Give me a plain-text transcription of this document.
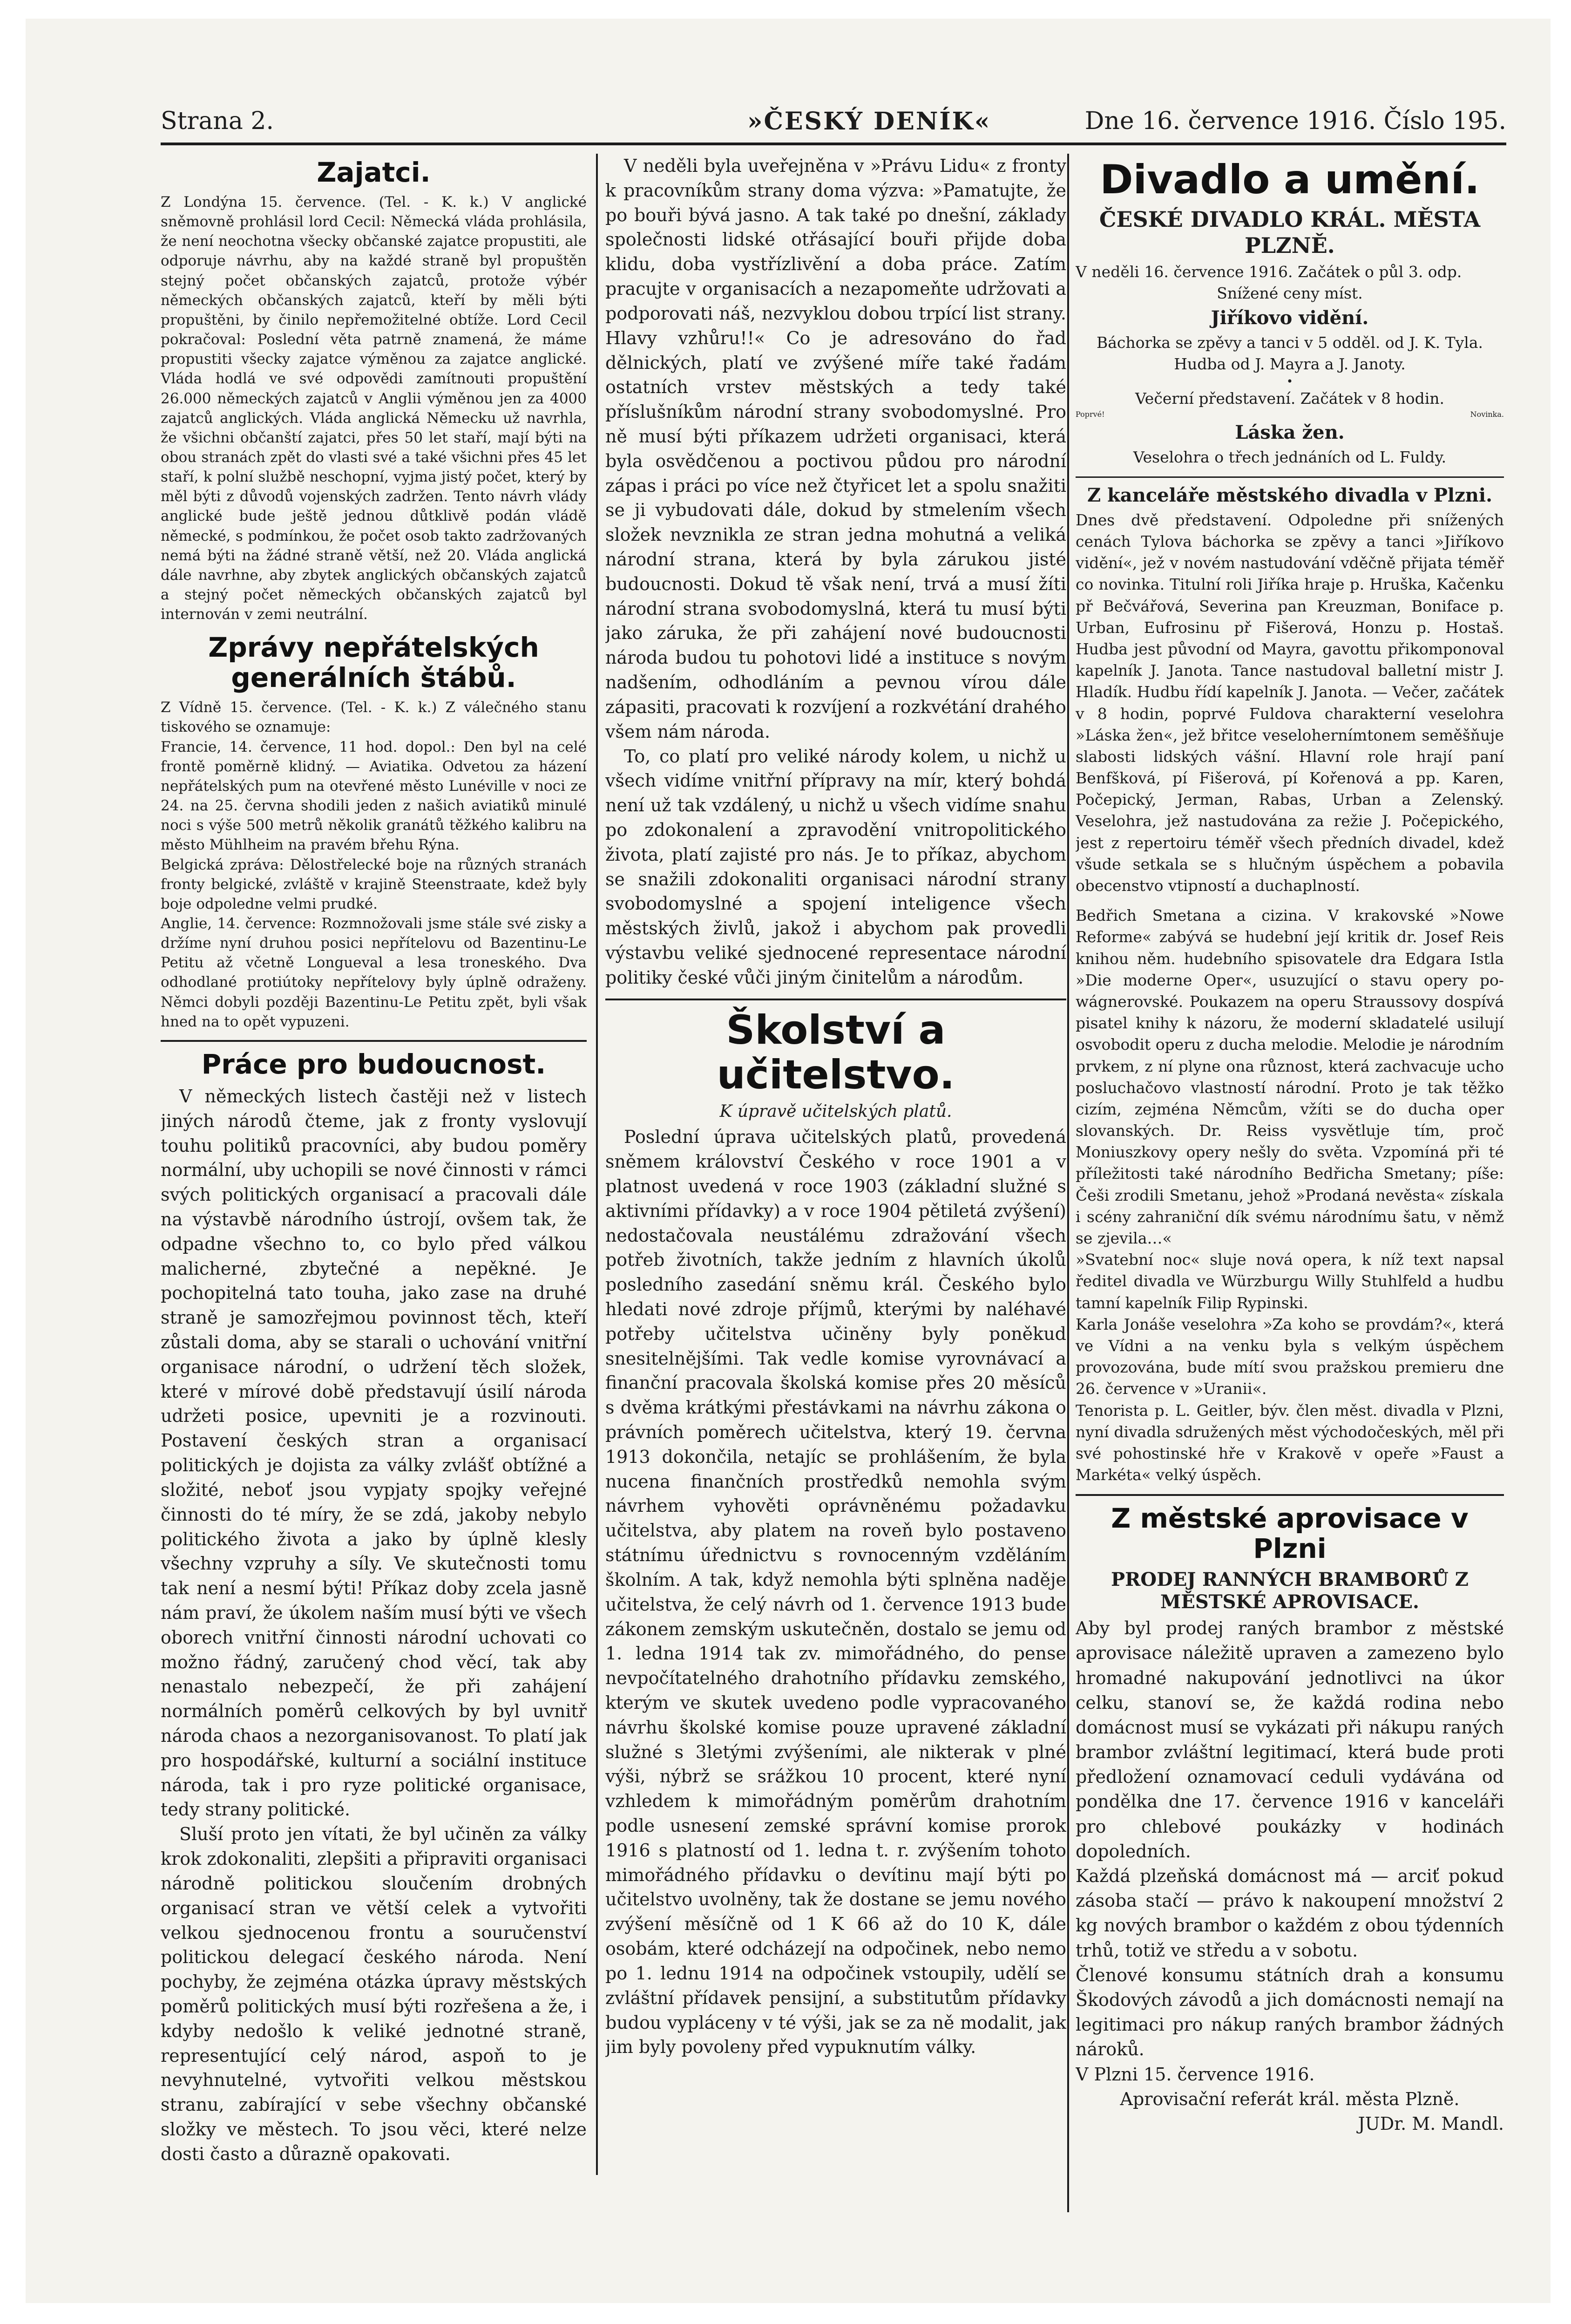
Strana 2.	»ČESKÝ DENÍK«	Dne 16. července 1916. Číslo 195.
Zajatci.

Z Londýna 15. července. (Tel. - K. k.) V anglické sněmovně prohlásil lord Cecil: Německá vláda prohlásila, že není neochotna všecky občanské zajatce propustiti, ale odporuje návrhu, aby na každé straně byl propuštěn stejný počet občanských zajatců, protože výbér německých občanských zajatců, kteří by měli býti propuštěni, by činilo nepřemožitelné obtíže. Lord Cecil pokračoval: Poslední věta patrně znamená, že máme propustiti všecky zajatce výměnou za zajatce anglické. Vláda hodlá ve své odpovědi zamítnouti propuštění 26.000 německých zajatců v Anglii výměnou jen za 4000 zajatců anglických. Vláda anglická Německu už navrhla, že všichni občanští zajatci, přes 50 let staří, mají býti na obou stranách zpět do vlasti své a také všichni přes 45 let staří, k polní službě neschopní, vyjma jistý počet, který by měl býti z důvodů vojenských zadržen. Tento návrh vlády anglické bude ještě jednou důtklivě podán vládě německé, s podmínkou, že počet osob takto zadržovaných nemá býti na žádné straně větší, než 20. Vláda anglická dále navrhne, aby zbytek anglických občanských zajatců a stejný počet německých občanských zajatců byl internován v zemi neutrální.

Zprávy nepřátelských generálních štábů.

Z Vídně 15. července. (Tel. - K. k.) Z válečného stanu tiskového se oznamuje:

Francie, 14. července, 11 hod. dopol.: Den byl na celé frontě poměrně klidný. — Aviatika. Odvetou za házení nepřátelských pum na otevřené město Lunéville v noci ze 24. na 25. června shodili jeden z našich aviatiků minulé noci s výše 500 metrů několik granátů těžkého kalibru na město Mühlheim na pravém břehu Rýna.

Belgická zpráva: Dělostřelecké boje na různých stranách fronty belgické, zvláště v krajině Steenstraate, kdež byly boje odpoledne velmi prudké.

Anglie, 14. července: Rozmnožovali jsme stále své zisky a držíme nyní druhou posici nepřítelovu od Bazentinu-Le Petitu až včetně Longueval a lesa troneského. Dva odhodlané protiútoky nepřítelovy byly úplně odraženy. Němci dobyli později Bazentinu-Le Petitu zpět, byli však hned na to opět vypuzeni.

Práce pro budoucnost.

V německých listech častěji než v listech jiných národů čteme, jak z fronty vyslovují touhu politiků pracovníci, aby budou poměry normální, uby uchopili se nové činnosti v rámci svých politických organisací a pracovali dále na výstavbě národního ústrojí, ovšem tak, že odpadne všechno to, co bylo před válkou malicherné, zbytečné a nepěkné. Je pochopitelná tato touha, jako zase na druhé straně je samozřejmou povinnost těch, kteří zůstali doma, aby se starali o uchování vnitřní organisace národní, o udržení těch složek, které v mírové době představují úsilí národa udržeti posice, upevniti je a rozvinouti. Postavení českých stran a organisací politických je dojista za války zvlášť obtížné a složité, neboť jsou vypjaty spojky veřejné činnosti do té míry, že se zdá, jakoby nebylo politického života a jako by úplně klesly všechny vzpruhy a síly. Ve skutečnosti tomu tak není a nesmí býti! Příkaz doby zcela jasně nám praví, že úkolem naším musí býti ve všech oborech vnitřní činnosti národní uchovati co možno řádný, zaručený chod věcí, tak aby nenastalo nebezpečí, že při zahájení normálních poměrů celkových by byl uvnitř národa chaos a nezorganisovanost. To platí jak pro hospodářské, kulturní a sociální instituce národa, tak i pro ryze politické organisace, tedy strany politické.

Sluší proto jen vítati, že byl učiněn za války krok zdokonaliti, zlepšiti a připraviti organisaci národně politickou sloučením drobných organisací stran ve větší celek a vytvořiti velkou sjednocenou frontu a souručenství politickou delegací českého národa. Není pochyby, že zejména otázka úpravy městských poměrů politických musí býti rozřešena a že, i kdyby nedošlo k veliké jednotné straně, representující celý národ, aspoň to je nevyhnutelné, vytvořiti velkou městskou stranu, zabírající v sebe všechny občanské složky ve městech. To jsou věci, které nelze dosti často a důrazně opakovati.

V neděli byla uveřejněna v »Právu Lidu« z fronty k pracovníkům strany doma výzva: »Pamatujte, že po bouři bývá jasno. A tak také po dnešní, základy společnosti lidské otřásající bouři přijde doba klidu, doba vystřízlivění a doba práce. Zatím pracujte v organisacích a nezapomeňte udržovati a podporovati náš, nezvyklou dobou trpící list strany. Hlavy vzhůru!!« Co je adresováno do řad dělnických, platí ve zvýšené míře také řadám ostatních vrstev městských a tedy také příslušníkům národní strany svobodomyslné. Pro ně musí býti příkazem udržeti organisaci, která byla osvědčenou a poctivou půdou pro národní zápas i práci po více než čtyřicet let a spolu snažiti se ji vybudovati dále, dokud by stmelením všech složek nevznikla ze stran jedna mohutná a veliká národní strana, která by byla zárukou jisté budoucnosti. Dokud tě však není, trvá a musí žíti národní strana svobodomyslná, která tu musí býti jako záruka, že při zahájení nové budoucnosti národa budou tu pohotovi lidé a instituce s novým nadšením, odhodláním a pevnou vírou dále zápasiti, pracovati k rozvíjení a rozkvétání drahého všem nám národa.

To, co platí pro veliké národy kolem, u nichž u všech vidíme vnitřní přípravy na mír, který bohdá není už tak vzdálený, u nichž u všech vidíme snahu po zdokonalení a zpravodění vnitropolitického života, platí zajisté pro nás. Je to příkaz, abychom se snažili zdokonaliti organisaci národní strany svobodomyslné a spojení inteligence všech městských živlů, jakož i abychom pak provedli výstavbu veliké sjednocené representace národní politiky české vůči jiným činitelům a národům.

Školství a učitelstvo.
K úpravě učitelských platů.

Poslední úprava učitelských platů, provedená sněmem království Českého v roce 1901 a v platnost uvedená v roce 1903 (základní služné s aktivními přídavky) a v roce 1904 pětiletá zvýšení) nedostačovala neustálému zdražování všech potřeb životních, takže jedním z hlavních úkolů posledního zasedání sněmu král. Českého bylo hledati nové zdroje příjmů, kterými by naléhavé potřeby učitelstva učiněny byly poněkud snesitelnějšími. Tak vedle komise vyrovnávací a finanční pracovala školská komise přes 20 měsíců s dvěma krátkými přestávkami na návrhu zákona o právních poměrech učitelstva, který 19. června 1913 dokončila, netajíc se prohlášením, že byla nucena finančních prostředků nemohla svým návrhem vyhověti oprávněnému požadavku učitelstva, aby platem na roveň bylo postaveno státnímu úřednictvu s rovnocenným vzděláním školním. A tak, když nemohla býti splněna naděje učitelstva, že celý návrh od 1. července 1913 bude zákonem zemským uskutečněn, dostalo se jemu od 1. ledna 1914 tak zv. mimořádného, do pense nevpočítatelného drahotního přídavku zemského, kterým ve skutek uvedeno podle vypracovaného návrhu školské komise pouze upravené základní služné s 3letými zvýšeními, ale nikterak v plné výši, nýbrž se srážkou 10 procent, které nyní vzhledem k mimořádným poměrům drahotním podle usnesení zemské správní komise prorok 1916 s platností od 1. ledna t. r. zvýšením tohoto mimořádného přídavku o devítinu mají býti po učitelstvo uvolněny, tak že dostane se jemu nového zvýšení měsíčně od 1 K 66 až do 10 K, dále osobám, které odcházejí na odpočinek, nebo nemo po 1. lednu 1914 na odpočinek vstoupily, udělí se zvláštní přídavek pensijní, a substitutům přídavky budou vypláceny v té výši, jak se za ně modalit, jak jim byly povoleny před vypuknutím války.

Divadlo a umění.
ČESKÉ DIVADLO KRÁL. MĚSTA PLZNĚ.

V neděli 16. července 1916. Začátek o půl 3. odp.

Snížené ceny míst.

Jiříkovo vidění.

Báchorka se zpěvy a tanci v 5 odděl. od J. K. Tyla. Hudba od J. Mayra a J. Janoty.

•

Večerní představení. Začátek v 8 hodin.

Poprvé!	Novinka.
Láska žen.

Veselohra o třech jednáních od L. Fuldy.

Z kanceláře městského divadla v Plzni.

Dnes dvě představení. Odpoledne při snížených cenách Tylova báchorka se zpěvy a tanci »Jiříkovo vidění«, jež v novém nastudování vděčně přijata téměř co novinka. Titulní roli Jiříka hraje p. Hruška, Kačenku př Bečvářová, Severina pan Kreuzman, Boniface p. Urban, Eufrosinu př Fišerová, Honzu p. Hostaš. Hudba jest původní od Mayra, gavottu přikomponoval kapelník J. Janota. Tance nastudoval balletní mistr J. Hladík. Hudbu řídí kapelník J. Janota. — Večer, začátek v 8 hodin, poprvé Fuldova charakterní veselohra »Láska žen«, jež břitce veselohernímtonem seměšňuje slabosti lidských vášní. Hlavní role hrají paní Benfšková, pí Fišerová, pí Kořenová a pp. Karen, Počepický, Jerman, Rabas, Urban a Zelenský. Veselohra, jež nastudována za režie J. Počepického, jest z repertoiru téměř všech předních divadel, kdež všude setkala se s hlučným úspěchem a pobavila obecenstvo vtipností a duchaplností.

Bedřich Smetana a cizina. V krakovské »Nowe Reforme« zabývá se hudební její kritik dr. Josef Reis knihou něm. hudebního spisovatele dra Edgara Istla »Die moderne Oper«, usuzující o stavu opery po-wágnerovské. Poukazem na operu Straussovy dospívá pisatel knihy k názoru, že moderní skladatelé usilují osvobodit operu z ducha melodie. Melodie je národním prvkem, z ní plyne ona různost, která zachvacuje ucho posluchačovo vlastností národní. Proto je tak těžko cizím, zejména Němcům, vžíti se do ducha oper slovanských. Dr. Reiss vysvětluje tím, proč Moniuszkovy opery nešly do světa. Vzpomíná při té příležitosti také národního Bedřicha Smetany; píše: Češi zrodili Smetanu, jehož »Prodaná nevěsta« získala i scény zahraniční dík svému národnímu šatu, v němž se zjevila…«

»Svatební noc« sluje nová opera, k níž text napsal ředitel divadla ve Würzburgu Willy Stuhlfeld a hudbu tamní kapelník Filip Rypinski.

Karla Jonáše veselohra »Za koho se provdám?«, která ve Vídni a na venku byla s velkým úspěchem provozována, bude mítí svou pražskou premieru dne 26. července v »Uranii«.

Tenorista p. L. Geitler, býv. člen měst. divadla v Plzni, nyní divadla sdružených měst východočeských, měl při své pohostinské hře v Krakově v opeře »Faust a Markéta« velký úspěch.

Z městské aprovisace v Plzni
PRODEJ RANNÝCH BRAMBORŮ Z MĚSTSKÉ APROVISACE.

Aby byl prodej raných brambor z městské aprovisace náležitě upraven a zamezeno bylo hromadné nakupování jednotlivci na úkor celku, stanoví se, že každá rodina nebo domácnost musí se vykázati při nákupu raných brambor zvláštní legitimací, která bude proti předložení oznamovací ceduli vydávána od pondělka dne 17. července 1916 v kanceláři pro chlebové poukázky v hodinách dopoledních.

Každá plzeňská domácnost má — arciť pokud zásoba stačí — právo k nakoupení množství 2 kg nových brambor o každém z obou týdenních trhů, totiž ve středu a v sobotu.

Členové konsumu státních drah a konsumu Škodových závodů a jich domácnosti nemají na legitimaci pro nákup raných brambor žádných nároků.

V Plzni 15. července 1916.

Aprovisační referát král. města Plzně.

JUDr. M. Mandl.
